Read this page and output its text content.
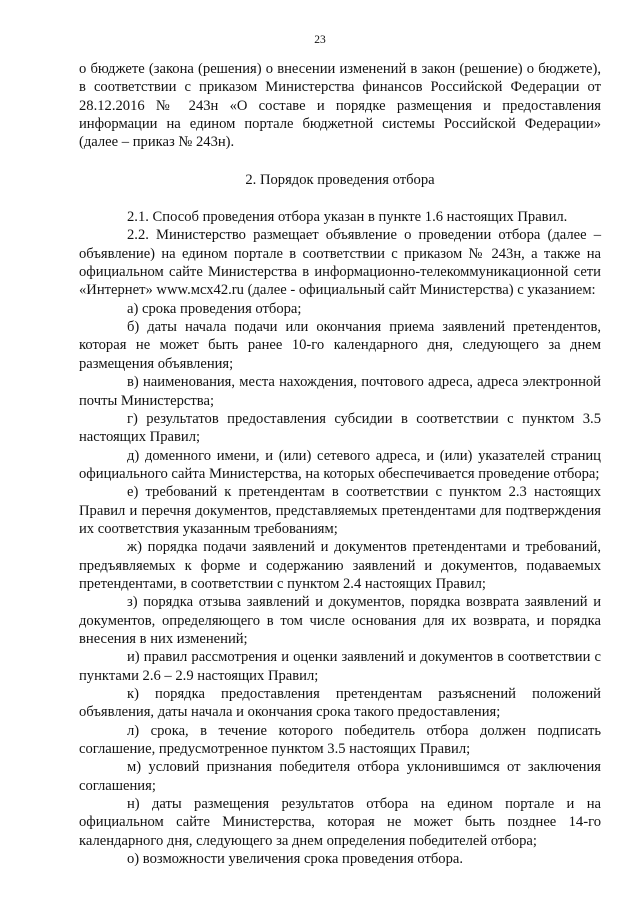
23

о бюджете (закона (решения) о внесении изменений в закон (решение) о бюджете), в соответствии с приказом Министерства финансов Российской Федерации от 28.12.2016 № 243н «О составе и порядке размещения и предоставления информации на едином портале бюджетной системы Российской Федерации» (далее – приказ № 243н).

2. Порядок проведения отбора

2.1. Способ проведения отбора указан в пункте 1.6 настоящих Правил.

2.2. Министерство размещает объявление о проведении отбора (далее – объявление) на едином портале в соответствии с приказом № 243н, а также на официальном сайте Министерства в информационно-телекоммуникационной сети «Интернет» www.мсх42.ru (далее - официальный сайт Министерства) с указанием:

а) срока проведения отбора;

б) даты начала подачи или окончания приема заявлений претендентов, которая не может быть ранее 10-го календарного дня, следующего за днем размещения объявления;

в) наименования, места нахождения, почтового адреса, адреса электронной почты Министерства;

г) результатов предоставления субсидии в соответствии с пунктом 3.5 настоящих Правил;

д) доменного имени, и (или) сетевого адреса, и (или) указателей страниц официального сайта Министерства, на которых обеспечивается проведение отбора;

е) требований к претендентам в соответствии с пунктом 2.3 настоящих Правил и перечня документов, представляемых претендентами для подтверждения их соответствия указанным требованиям;

ж) порядка подачи заявлений и документов претендентами и требований, предъявляемых к форме и содержанию заявлений и документов, подаваемых претендентами, в соответствии с пунктом 2.4 настоящих Правил;

з) порядка отзыва заявлений и документов, порядка возврата заявлений и документов, определяющего в том числе основания для их возврата, и порядка внесения в них изменений;

и) правил рассмотрения и оценки заявлений и документов в соответствии с пунктами 2.6 – 2.9 настоящих Правил;

к) порядка предоставления претендентам разъяснений положений объявления, даты начала и окончания срока такого предоставления;

л) срока, в течение которого победитель отбора должен подписать соглашение, предусмотренное пунктом 3.5 настоящих Правил;

м) условий признания победителя отбора уклонившимся от заключения соглашения;

н) даты размещения результатов отбора на едином портале и на официальном сайте Министерства, которая не может быть позднее 14-го календарного дня, следующего за днем определения победителей отбора;

о) возможности увеличения срока проведения отбора.
